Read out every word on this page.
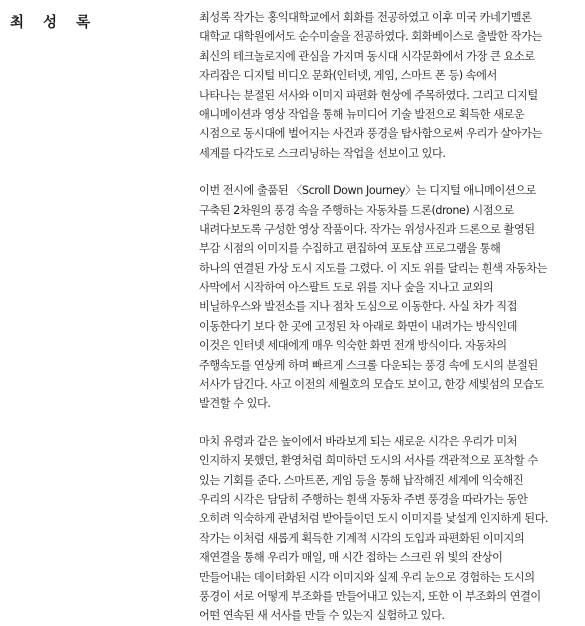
최 성 록	최성록 작가는 홍익대학교에서 회화를 전공하였고 이후 미국 카네기멜론
대학교 대학원에서도 순수미술을 전공하였다. 회화베이스로 출발한 작가는
최신의 테크놀로지에 관심을 가지며 동시대 시각문화에서 가장 큰 요소로
자리잡은 디지털 비디오 문화(인터넷, 게임, 스마트 폰 등) 속에서
나타나는 분절된 서사와 이미지 파편화 현상에 주목하였다. 그리고 디지털
애니메이션과 영상 작업을 통해 뉴미디어 기술 발전으로 획득한 새로운
시점으로 동시대에 벌어지는 사건과 풍경을 탐사함으로써 우리가 살아가는
세계를 다각도로 스크리닝하는 작업을 선보이고 있다.

이번 전시에 출품된 〈Scroll Down Journey〉는 디지털 애니메이션으로
구축된 2차원의 풍경 속을 주행하는 자동차를 드론(drone) 시점으로
내려다보도록 구성한 영상 작품이다. 작가는 위성사진과 드론으로 촬영된
부감 시점의 이미지를 수집하고 편집하여 포토샵 프로그램을 통해
하나의 연결된 가상 도시 지도를 그렸다. 이 지도 위를 달리는 흰색 자동차는
사막에서 시작하여 아스팔트 도로 위를 지나 숲을 지나고 교외의
비닐하우스와 발전소를 지나 점차 도심으로 이동한다. 사실 차가 직접
이동한다기 보다 한 곳에 고정된 차 아래로 화면이 내려가는 방식인데
이것은 인터넷 세대에게 매우 익숙한 화면 전개 방식이다. 자동차의
주행속도를 연상케 하며 빠르게 스크롤 다운되는 풍경 속에 도시의 분절된
서사가 담긴다. 사고 이전의 세월호의 모습도 보이고, 한강 세빛섬의 모습도
발견할 수 있다.

마치 유령과 같은 높이에서 바라보게 되는 새로운 시각은 우리가 미처
인지하지 못했던, 환영처럼 희미하던 도시의 서사를 객관적으로 포착할 수
있는 기회를 준다. 스마트폰, 게임 등을 통해 납작해진 세계에 익숙해진
우리의 시각은 담담히 주행하는 흰색 자동차 주변 풍경을 따라가는 동안
오히려 익숙하게 관념처럼 받아들이던 도시 이미지를 낯설게 인지하게 된다.
작가는 이처럼 새롭게 획득한 기계적 시각의 도입과 파편화된 이미지의
재연결을 통해 우리가 매일, 매 시간 접하는 스크린 위 빛의 잔상이
만들어내는 데이터화된 시각 이미지와 실제 우리 눈으로 경험하는 도시의
풍경이 서로 어떻게 부조화를 만들어내고 있는지, 또한 이 부조화의 연결이
어떤 연속된 새 서사를 만들 수 있는지 실험하고 있다.
